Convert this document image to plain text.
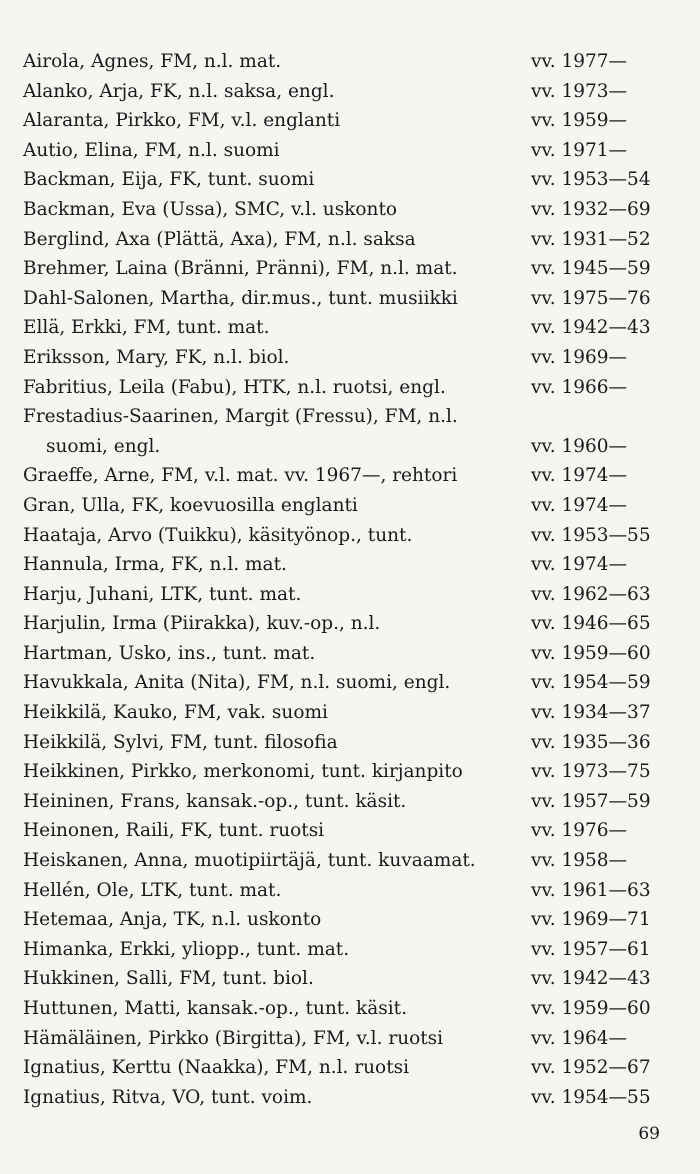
Airola, Agnes, FM, n.l. mat.	vv. 1977—
Alanko, Arja, FK, n.l. saksa, engl.	vv. 1973—
Alaranta, Pirkko, FM, v.l. englanti	vv. 1959—
Autio, Elina, FM, n.l. suomi	vv. 1971—
Backman, Eija, FK, tunt. suomi	vv. 1953—54
Backman, Eva (Ussa), SMC, v.l. uskonto	vv. 1932—69
Berglind, Axa (Plättä, Axa), FM, n.l. saksa	vv. 1931—52
Brehmer, Laina (Bränni, Pränni), FM, n.l. mat.	vv. 1945—59
Dahl-Salonen, Martha, dir.mus., tunt. musiikki	vv. 1975—76
Ellä, Erkki, FM, tunt. mat.	vv. 1942—43
Eriksson, Mary, FK, n.l. biol.	vv. 1969—
Fabritius, Leila (Fabu), HTK, n.l. ruotsi, engl.	vv. 1966—
Frestadius-Saarinen, Margit (Fressu), FM, n.l.
suomi, engl.	vv. 1960—
Graeffe, Arne, FM, v.l. mat. vv. 1967—, rehtori	vv. 1974—
Gran, Ulla, FK, koevuosilla englanti	vv. 1974—
Haataja, Arvo (Tuikku), käsityönop., tunt.	vv. 1953—55
Hannula, Irma, FK, n.l. mat.	vv. 1974—
Harju, Juhani, LTK, tunt. mat.	vv. 1962—63
Harjulin, Irma (Piirakka), kuv.-op., n.l.	vv. 1946—65
Hartman, Usko, ins., tunt. mat.	vv. 1959—60
Havukkala, Anita (Nita), FM, n.l. suomi, engl.	vv. 1954—59
Heikkilä, Kauko, FM, vak. suomi	vv. 1934—37
Heikkilä, Sylvi, FM, tunt. filosofia	vv. 1935—36
Heikkinen, Pirkko, merkonomi, tunt. kirjanpito	vv. 1973—75
Heininen, Frans, kansak.-op., tunt. käsit.	vv. 1957—59
Heinonen, Raili, FK, tunt. ruotsi	vv. 1976—
Heiskanen, Anna, muotipiirtäjä, tunt. kuvaamat.	vv. 1958—
Hellén, Ole, LTK, tunt. mat.	vv. 1961—63
Hetemaa, Anja, TK, n.l. uskonto	vv. 1969—71
Himanka, Erkki, yliopp., tunt. mat.	vv. 1957—61
Hukkinen, Salli, FM, tunt. biol.	vv. 1942—43
Huttunen, Matti, kansak.-op., tunt. käsit.	vv. 1959—60
Hämäläinen, Pirkko (Birgitta), FM, v.l. ruotsi	vv. 1964—
Ignatius, Kerttu (Naakka), FM, n.l. ruotsi	vv. 1952—67
Ignatius, Ritva, VO, tunt. voim.	vv. 1954—55
69
